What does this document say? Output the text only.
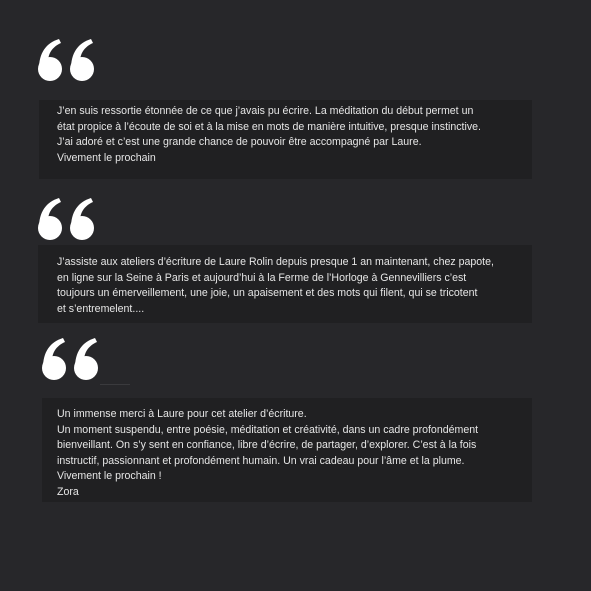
J’en suis ressortie étonnée de ce que j’avais pu écrire. La méditation du début permet un

état propice à l’écoute de soi et à la mise en mots de manière intuitive, presque instinctive.

J’ai adoré et c’est une grande chance de pouvoir être accompagné par Laure.

Vivement le prochain

J’assiste aux ateliers d’écriture de Laure Rolin depuis presque 1 an maintenant, chez papote,

en ligne sur la Seine à Paris et aujourd’hui à la Ferme de l’Horloge à Gennevilliers c’est

toujours un émerveillement, une joie, un apaisement et des mots qui filent, qui se tricotent

et s’entremelent....

Un immense merci à Laure pour cet atelier d’écriture.

Un moment suspendu, entre poésie, méditation et créativité, dans un cadre profondément

bienveillant. On s’y sent en confiance, libre d’écrire, de partager, d’explorer. C’est à la fois

instructif, passionnant et profondément humain. Un vrai cadeau pour l’âme et la plume.

Vivement le prochain !

Zora
